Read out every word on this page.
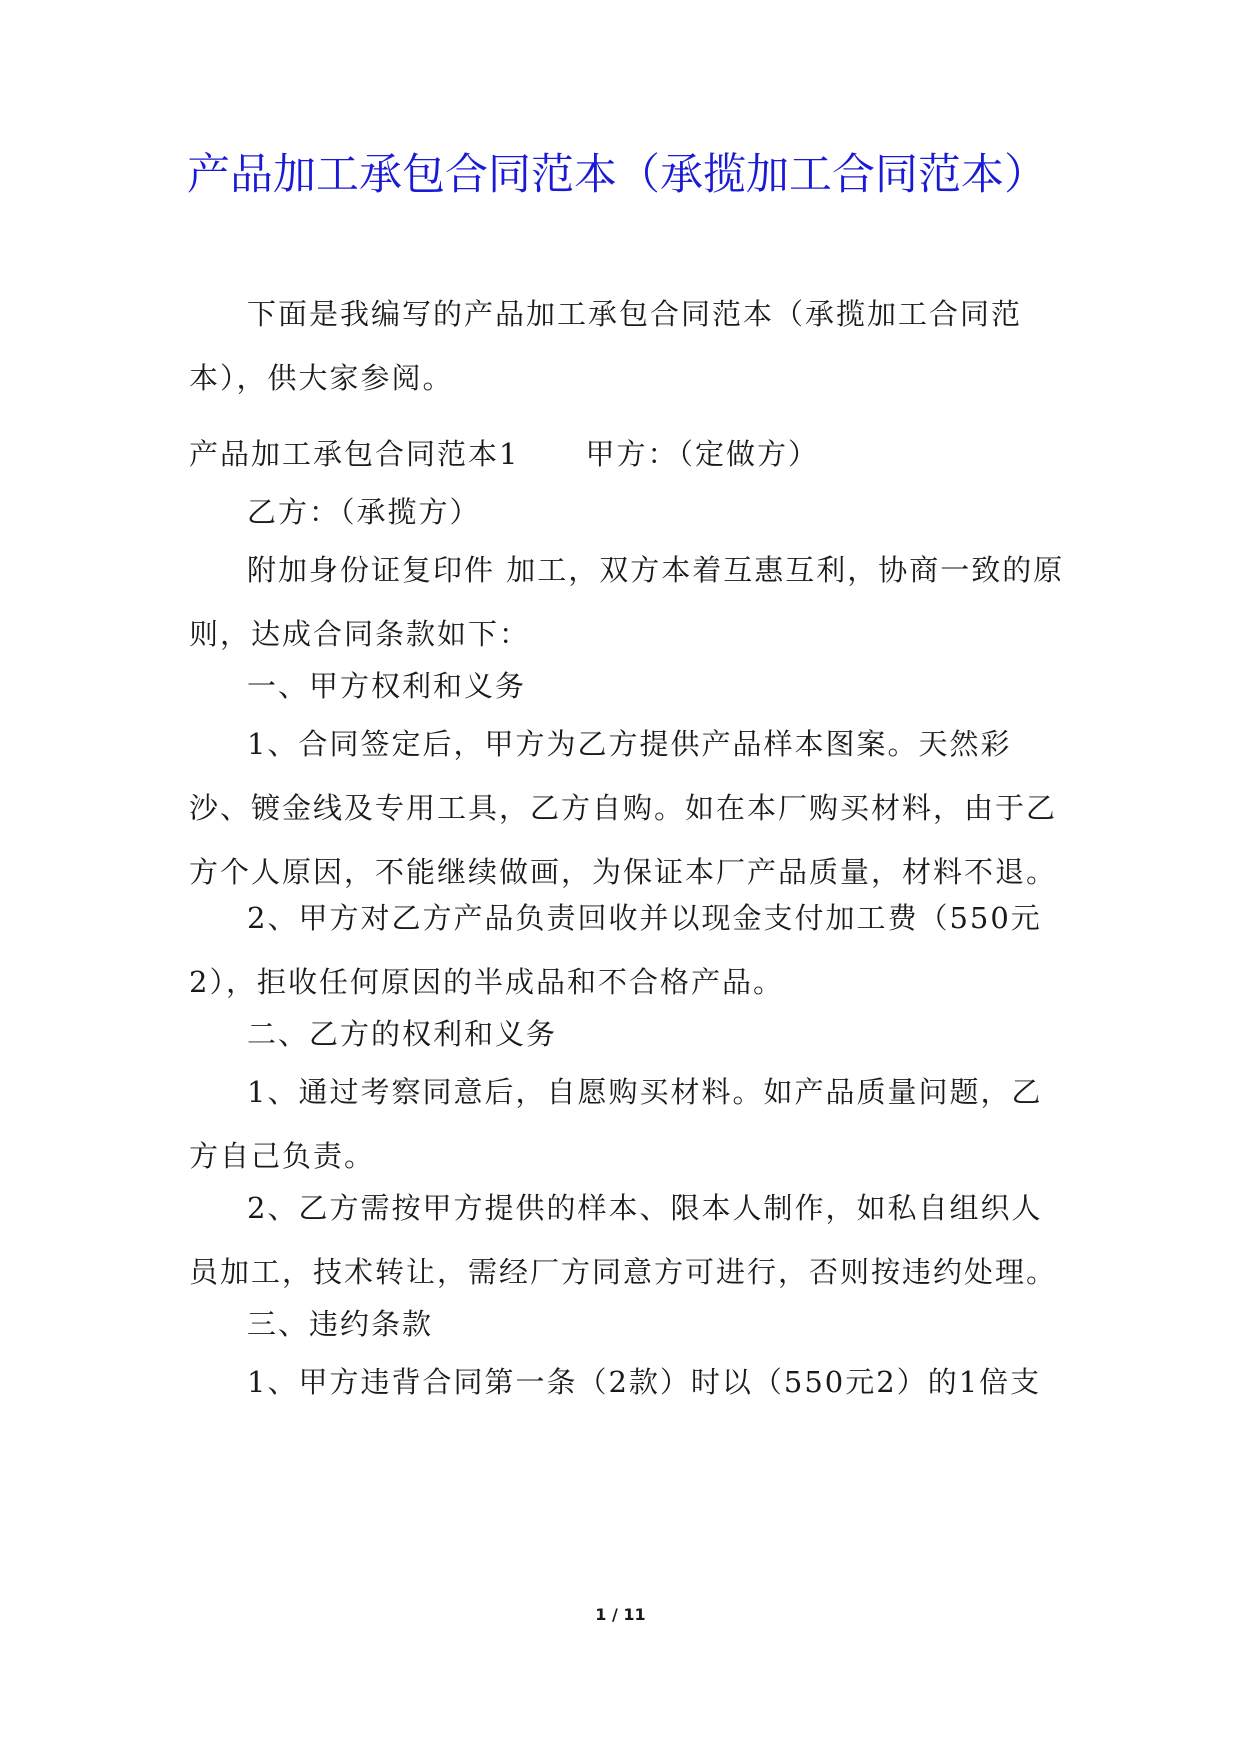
产品加工承包合同范本（承揽加工合同范本）

下面是我编写的产品加工承包合同范本（承揽加工合同范本），供大家参阅。

产品加工承包合同范本1 甲方：（定做方）

乙方：（承揽方）

附加身份证复印件 加工，双方本着互惠互利，协商一致的原则，达成合同条款如下：

一、甲方权利和义务

1、合同签定后，甲方为乙方提供产品样本图案。天然彩沙、镀金线及专用工具，乙方自购。如在本厂购买材料，由于乙方个人原因，不能继续做画，为保证本厂产品质量，材料不退。

2、甲方对乙方产品负责回收并以现金支付加工费（550元2），拒收任何原因的半成品和不合格产品。

二、乙方的权利和义务

1、通过考察同意后，自愿购买材料。如产品质量问题，乙方自己负责。

2、乙方需按甲方提供的样本、限本人制作，如私自组织人员加工，技术转让，需经厂方同意方可进行，否则按违约处理。

三、违约条款

1、甲方违背合同第一条（2款）时以（550元2）的1倍支

1 / 11
